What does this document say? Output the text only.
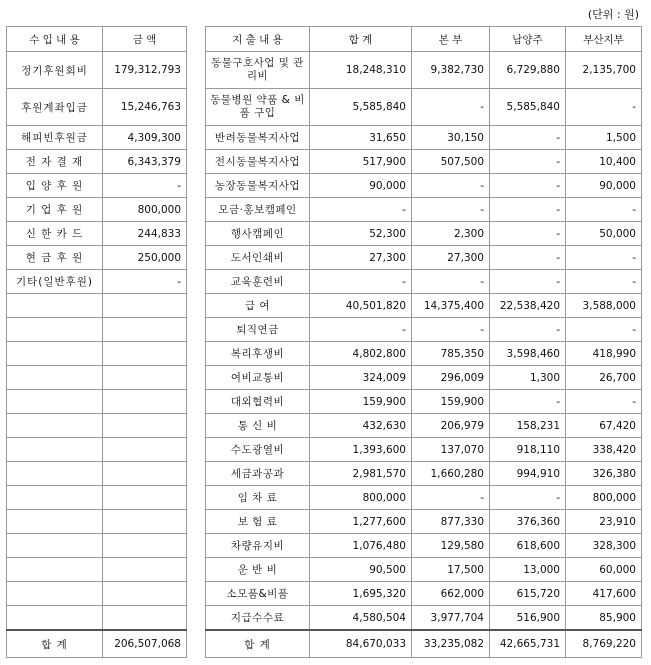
(단위 : 원)
수 입 내 용	금 액
정기후원회비	179,312,793
후원계좌입금	15,246,763
해피빈후원금	4,309,300
전 자 결 재	6,343,379
입 양 후 원	-
기 업 후 원	800,000
신 한 카 드	244,833
현 금 후 원	250,000
기타(일반후원)	-

합 계	206,507,068
지 출 내 용	합 계	본 부	남양주	부산지부
동물구호사업 및 관리비	18,248,310	9,382,730	6,729,880	2,135,700
동물병원 약품 & 비품 구입	5,585,840	-	5,585,840	-
반려동물복지사업	31,650	30,150	-	1,500
전시동물복지사업	517,900	507,500	-	10,400
농장동물복지사업	90,000	-	-	90,000
모금·홍보캠페인	-	-	-	-
행사캠페인	52,300	2,300	-	50,000
도서인쇄비	27,300	27,300	-	-
교육훈련비	-	-	-	-
급 여	40,501,820	14,375,400	22,538,420	3,588,000
퇴직연금	-	-	-	-
복리후생비	4,802,800	785,350	3,598,460	418,990
여비교통비	324,009	296,009	1,300	26,700
대외협력비	159,900	159,900	-	-
통 신 비	432,630	206,979	158,231	67,420
수도광열비	1,393,600	137,070	918,110	338,420
세금과공과	2,981,570	1,660,280	994,910	326,380
임 차 료	800,000	-	-	800,000
보 험 료	1,277,600	877,330	376,360	23,910
차량유지비	1,076,480	129,580	618,600	328,300
운 반 비	90,500	17,500	13,000	60,000
소모품&비품	1,695,320	662,000	615,720	417,600
지급수수료	4,580,504	3,977,704	516,900	85,900
합 계	84,670,033	33,235,082	42,665,731	8,769,220
